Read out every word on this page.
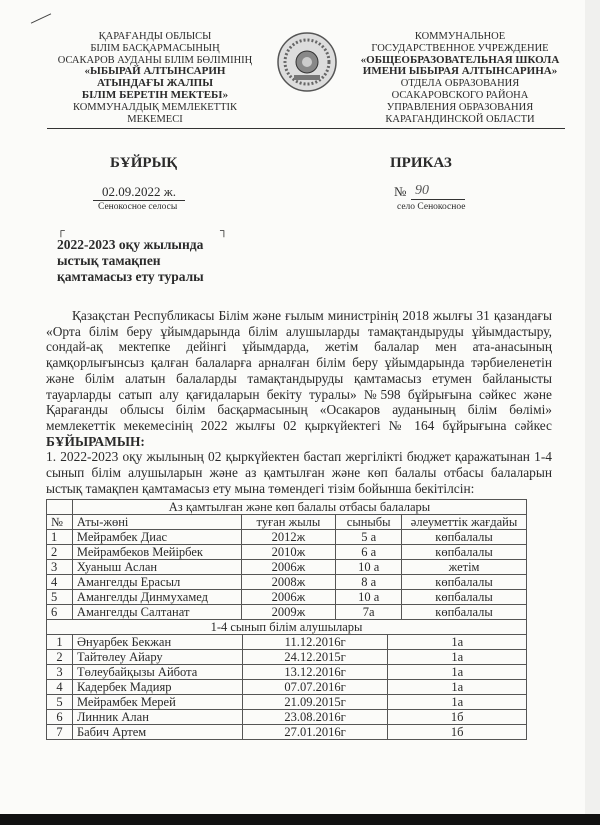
ҚАРАҒАНДЫ ОБЛЫСЫ
БІЛІМ БАСҚАРМАСЫНЫҢ
ОСАКАРОВ АУДАНЫ БІЛІМ БӨЛІМІНІҢ
«ЫБЫРАЙ АЛТЫНСАРИН
АТЫНДАҒЫ ЖАЛПЫ
БІЛІМ БЕРЕТІН МЕКТЕБІ»
КОММУНАЛДЫҚ МЕМЛЕКЕТТІК
МЕКЕМЕСІ
КОММУНАЛЬНОЕ
ГОСУДАРСТВЕННОЕ УЧРЕЖДЕНИЕ
«ОБЩЕОБРАЗОВАТЕЛЬНАЯ ШКОЛА
ИМЕНИ ЫБЫРАЯ АЛТЫНСАРИНА»
ОТДЕЛА ОБРАЗОВАНИЯ
ОСАКАРОВСКОГО РАЙОНА
УПРАВЛЕНИЯ ОБРАЗОВАНИЯ
КАРАГАНДИНСКОЙ ОБЛАСТИ
БҰЙРЫҚ	ПРИКАЗ
02.09.2022 ж.
Сенокосное селосы
№ 90
село Сенокосное
┌	┐
2022-2023 оқу жылында
ыстық тамақпен
қамтамасыз ету туралы

Қазақстан Республикасы Білім және ғылым министрінің 2018 жылғы 31 қазандағы «Орта білім беру ұйымдарында білім алушыларды тамақтандыруды ұйымдастыру, сондай-ақ мектепке дейінгі ұйымдарда, жетім балалар мен ата-анасының қамқорлығынсыз қалған балаларға арналған білім беру ұйымдарында тәрбиеленетін және білім алатын балаларды тамақтандыруды қамтамасыз етумен байланысты тауарларды сатып алу қағидаларын бекіту туралы» №598 бұйрығына сәйкес және Қарағанды облысы білім басқармасының «Осакаров ауданының білім бөлімі» мемлекеттік мекемесінің 2022 жылғы 02 қыркүйектегі № 164 бұйрығына сәйкес БҰЙЫРАМЫН:

1. 2022-2023 оқу жылының 02 қыркүйектен бастап жергілікті бюджет қаражатынан 1-4 сынып білім алушыларын және аз қамтылған және көп балалы отбасы балаларын ыстық тамақпен қамтамасыз ету мына төмендегі тізім бойынша бекітілсін:

	Аз қамтылған және көп балалы отбасы балалары			
№	Аты-жөні	туған жылы	сыныбы	әлеуметтік жағдайы
1	Мейрамбек Диас	2012ж	5 а	көпбалалы
2	Мейрамбеков Мейірбек	2010ж	6 а	көпбалалы
3	Хуаныш Аслан	2006ж	10 а	жетім
4	Амангелды Ерасыл	2008ж	8 а	көпбалалы
5	Амангелды Динмухамед	2006ж	10 а	көпбалалы
6	Амангелды Салтанат	2009ж	7а	көпбалалы
1-4 сынып білім алушылары			
1	Әнуарбек Бекжан	11.12.2016г	1а
2	Тайтөлеу Айару	24.12.2015г	1а
3	Төлеубайқызы Айбота	13.12.2016г	1а
4	Кадербек Мадияр	07.07.2016г	1а
5	Мейрамбек Мерей	21.09.2015г	1а
6	Линник Алан	23.08.2016г	1б
7	Бабич Артем	27.01.2016г	1б
